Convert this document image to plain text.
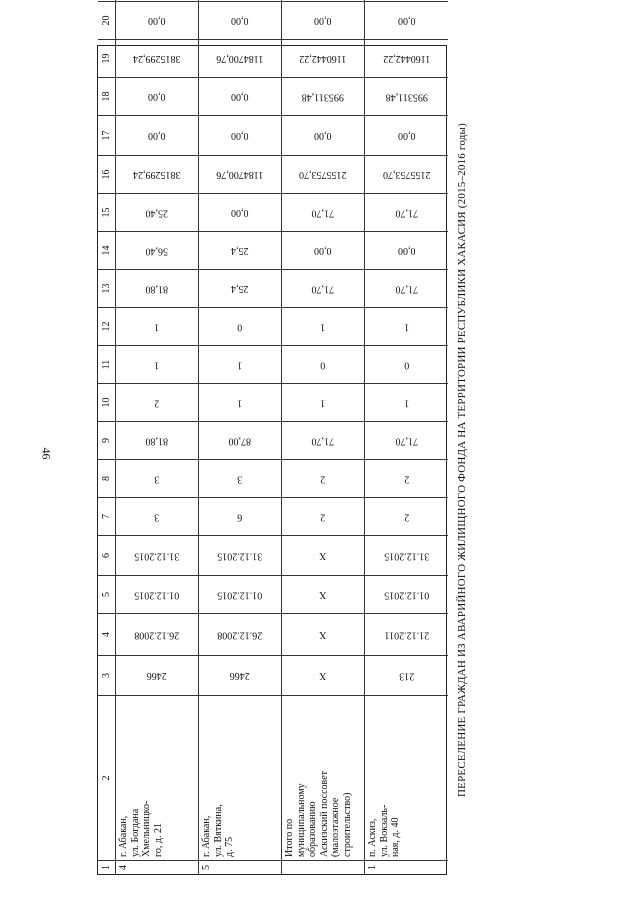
46
1
2
3
4
5
6
7
8
9
10
11
12
13
14
15
16
17
18
19
20
4
г. Абакан,
ул. Богдана
Хмельницко-
го, д. 21
2466
26.12.2008
01.12.2015
31.12.2015
3
3
81,80
2
1
1
81,80
56,40
25,40
3815299,24
0,00
0,00
3815299,24
0,00
5
г. Абакан,
ул. Вяткина,
д. 75
2466
26.12.2008
01.12.2015
31.12.2015
6
3
87,00
1
1
0
25,4
25,4
0,00
1184700,76
0,00
0,00
1184700,76
0,00
Итого по
муниципальному
образованию
Аскизский поссовет
(малоэтажное
строительство)
X
X
X
X
2
2
71,70
1
0
1
71,70
0,00
71,70
2155753,70
0,00
995311,48
1160442,22
0,00
1
п. Аскиз,
ул. Вокзаль-
ная, д. 40
213
21.12.2011
01.12.2015
31.12.2015
2
2
71,70
1
0
1
71,70
0,00
71,70
2155753,70
0,00
995311,48
1160442,22
0,00
ПЕРЕСЕЛЕНИЕ ГРАЖДАН ИЗ АВАРИЙНОГО ЖИЛИЩНОГО ФОНДА НА ТЕРРИТОРИИ РЕСПУБЛИКИ ХАКАСИЯ (2015–2016 годы)
